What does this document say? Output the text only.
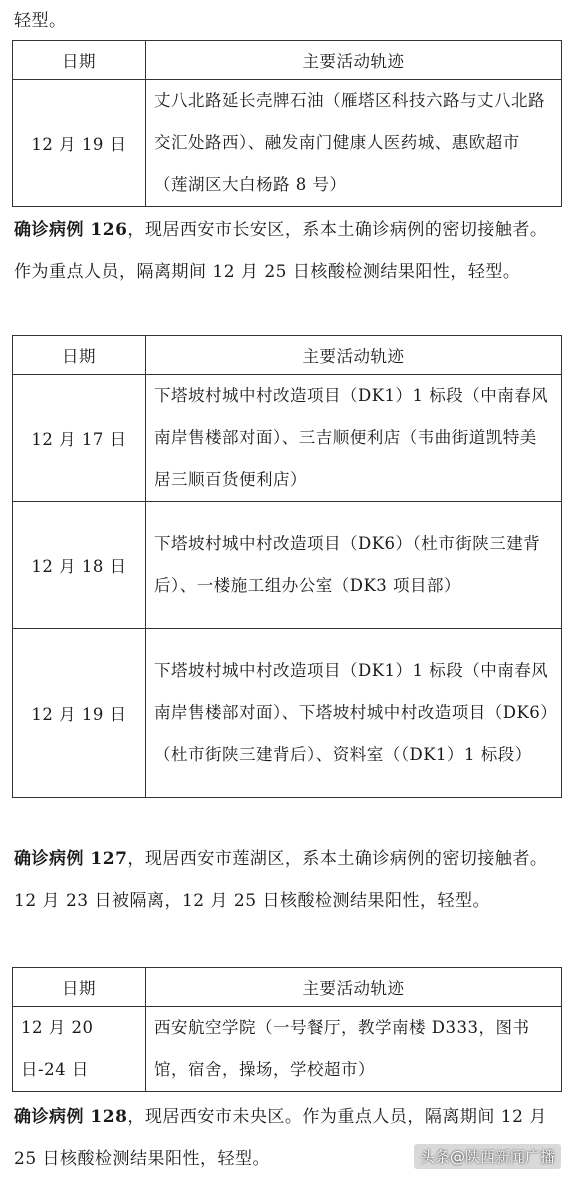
轻型。

日期	主要活动轨迹
12 月 19 日	丈八北路延长壳牌石油（雁塔区科技六路与丈八北路交汇处路西）、融发南门健康人医药城、惠欧超市（莲湖区大白杨路 8 号）

确诊病例 126，现居西安市长安区，系本土确诊病例的密切接触者。作为重点人员，隔离期间 12 月 25 日核酸检测结果阳性，轻型。

日期	主要活动轨迹
12 月 17 日	下塔坡村城中村改造项目（DK1）1 标段（中南春风南岸售楼部对面）、三吉顺便利店（韦曲街道凯特美居三顺百货便利店）
12 月 18 日	下塔坡村城中村改造项目（DK6）（杜市街陕三建背后）、一楼施工组办公室（DK3 项目部）
12 月 19 日	下塔坡村城中村改造项目（DK1）1 标段（中南春风南岸售楼部对面）、下塔坡村城中村改造项目（DK6）（杜市街陕三建背后）、资料室（（DK1）1 标段）

确诊病例 127，现居西安市莲湖区，系本土确诊病例的密切接触者。12 月 23 日被隔离，12 月 25 日核酸检测结果阳性，轻型。

日期	主要活动轨迹
12 月 20 日-24 日	西安航空学院（一号餐厅，教学南楼 D333，图书馆，宿舍，操场，学校超市）

确诊病例 128，现居西安市未央区。作为重点人员，隔离期间 12 月 25 日核酸检测结果阳性，轻型。	头条@陕西新闻广播
